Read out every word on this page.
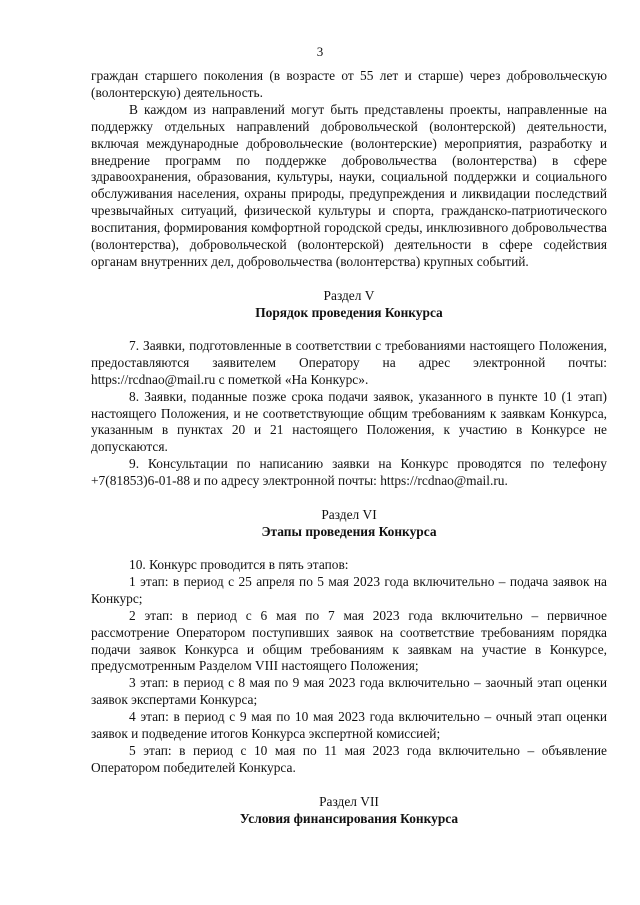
3

граждан старшего поколения (в возрасте от 55 лет и старше) через добровольческую (волонтерскую) деятельность.

В каждом из направлений могут быть представлены проекты, направленные на поддержку отдельных направлений добровольческой (волонтерской) деятельности, включая международные добровольческие (волонтерские) мероприятия, разработку и внедрение программ по поддержке добровольчества (волонтерства) в сфере здравоохранения, образования, культуры, науки, социальной поддержки и социального обслуживания населения, охраны природы, предупреждения и ликвидации последствий чрезвычайных ситуаций, физической культуры и спорта, гражданско-патриотического воспитания, формирования комфортной городской среды, инклюзивного добровольчества (волонтерства), добровольческой (волонтерской) деятельности в сфере содействия органам внутренних дел, добровольчества (волонтерства) крупных событий.

Раздел V
Порядок проведения Конкурса

7. Заявки, подготовленные в соответствии с требованиями настоящего Положения, предоставляются заявителем Оператору на адрес электронной почты: https://rcdnao@mail.ru с пометкой «На Конкурс».

8. Заявки, поданные позже срока подачи заявок, указанного в пункте 10 (1 этап) настоящего Положения, и не соответствующие общим требованиям к заявкам Конкурса, указанным в пунктах 20 и 21 настоящего Положения, к участию в Конкурсе не допускаются.

9. Консультации по написанию заявки на Конкурс проводятся по телефону +7(81853)6-01-88 и по адресу электронной почты: https://rcdnao@mail.ru.

Раздел VI
Этапы проведения Конкурса

10. Конкурс проводится в пять этапов:

1 этап: в период с 25 апреля по 5 мая 2023 года включительно – подача заявок на Конкурс;

2 этап: в период с 6 мая по 7 мая 2023 года включительно – первичное рассмотрение Оператором поступивших заявок на соответствие требованиям порядка подачи заявок Конкурса и общим требованиям к заявкам на участие в Конкурсе, предусмотренным Разделом VIII настоящего Положения;

3 этап: в период с 8 мая по 9 мая 2023 года включительно – заочный этап оценки заявок экспертами Конкурса;

4 этап: в период с 9 мая по 10 мая 2023 года включительно – очный этап оценки заявок и подведение итогов Конкурса экспертной комиссией;

5 этап: в период с 10 мая по 11 мая 2023 года включительно – объявление Оператором победителей Конкурса.

Раздел VII
Условия финансирования Конкурса
